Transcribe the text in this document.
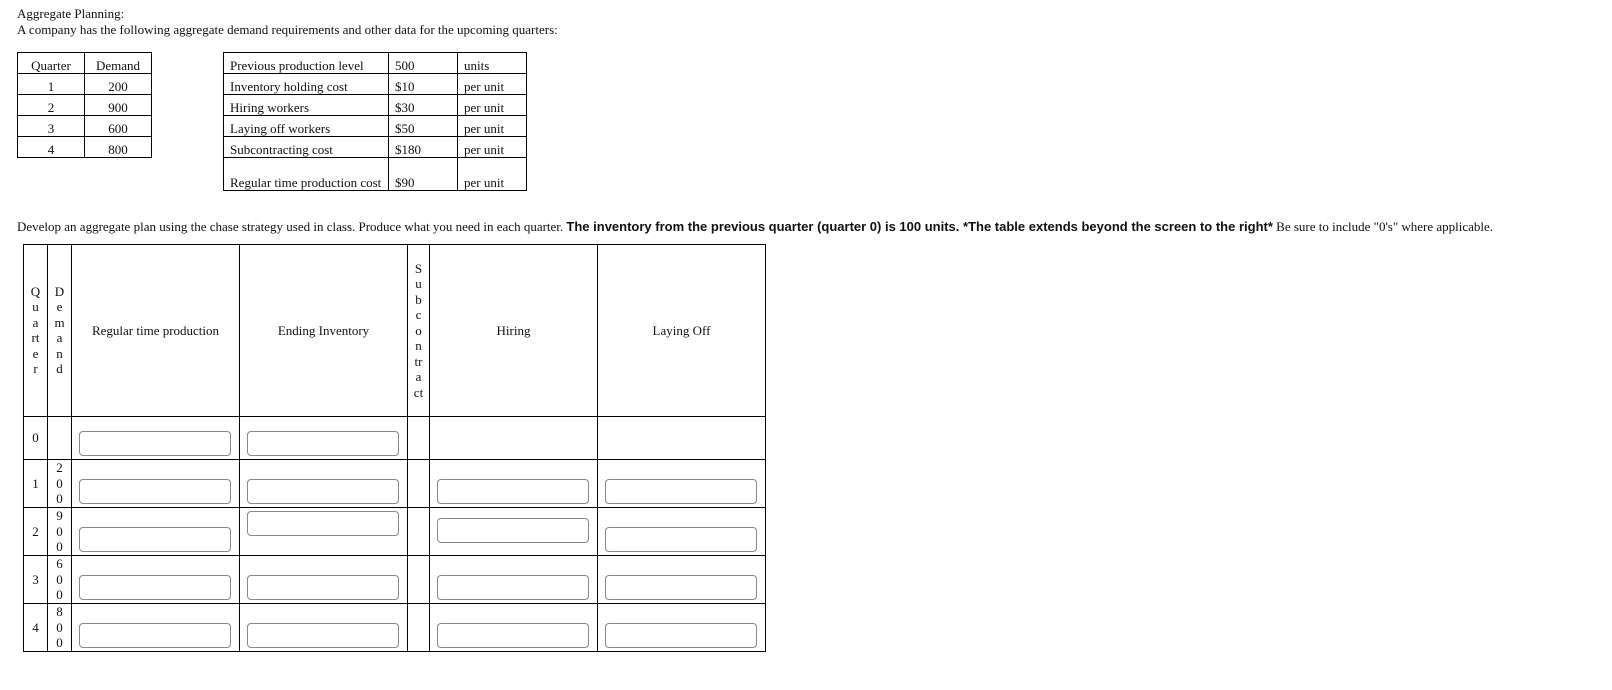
Aggregate Planning:
A company has the following aggregate demand requirements and other data for the upcoming quarters:
Quarter	Demand
1	200
2	900
3	600
4	800
Previous production level	500	units
Inventory holding cost	$10	per unit
Hiring workers	$30	per unit
Laying off workers	$50	per unit
Subcontracting cost	$180	per unit
Regular time production cost	$90	per unit
Develop an aggregate plan using the chase strategy used in class. Produce what you need in each quarter. The inventory from the previous quarter (quarter 0) is 100 units. *The table extends beyond the screen to the right* Be sure to include "0's" where applicable.
Quarter	Demand	Regular time production	Ending Inventory	Subcontract	Hiring	Laying Off
0		

1	200	

2	900	

3	600	

4	800	
